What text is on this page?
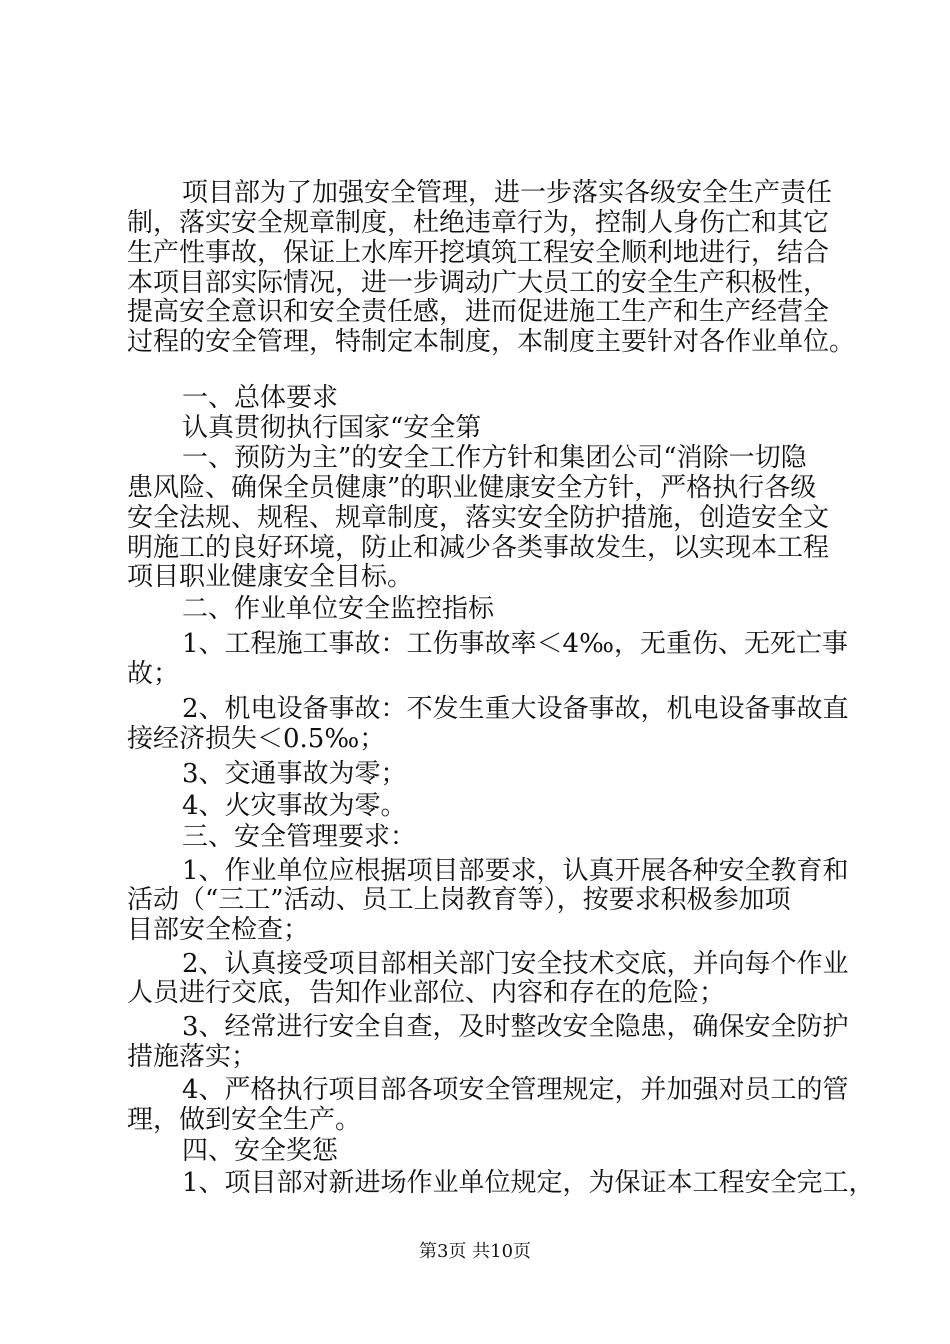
项目部为了加强安全管理，进一步落实各级安全生产责任
制，落实安全规章制度，杜绝违章行为，控制人身伤亡和其它
生产性事故，保证上水库开挖填筑工程安全顺利地进行，结合
本项目部实际情况，进一步调动广大员工的安全生产积极性，
提高安全意识和安全责任感，进而促进施工生产和生产经营全
过程的安全管理，特制定本制度，本制度主要针对各作业单位。
一、总体要求
认真贯彻执行国家“安全第
一、预防为主”的安全工作方针和集团公司“消除一切隐
患风险、确保全员健康”的职业健康安全方针，严格执行各级
安全法规、规程、规章制度，落实安全防护措施，创造安全文
明施工的良好环境，防止和减少各类事故发生，以实现本工程
项目职业健康安全目标。
二、作业单位安全监控指标
1、工程施工事故：工伤事故率＜4‰，无重伤、无死亡事
故；
2、机电设备事故：不发生重大设备事故，机电设备事故直
接经济损失＜0.5‰；
3、交通事故为零；
4、火灾事故为零。
三、安全管理要求：
1、作业单位应根据项目部要求，认真开展各种安全教育和
活动（“三工”活动、员工上岗教育等），按要求积极参加项
目部安全检查；
2、认真接受项目部相关部门安全技术交底，并向每个作业
人员进行交底，告知作业部位、内容和存在的危险；
3、经常进行安全自查，及时整改安全隐患，确保安全防护
措施落实；
4、严格执行项目部各项安全管理规定，并加强对员工的管
理，做到安全生产。
四、安全奖惩
1、项目部对新进场作业单位规定，为保证本工程安全完工，
第3页 共10页
